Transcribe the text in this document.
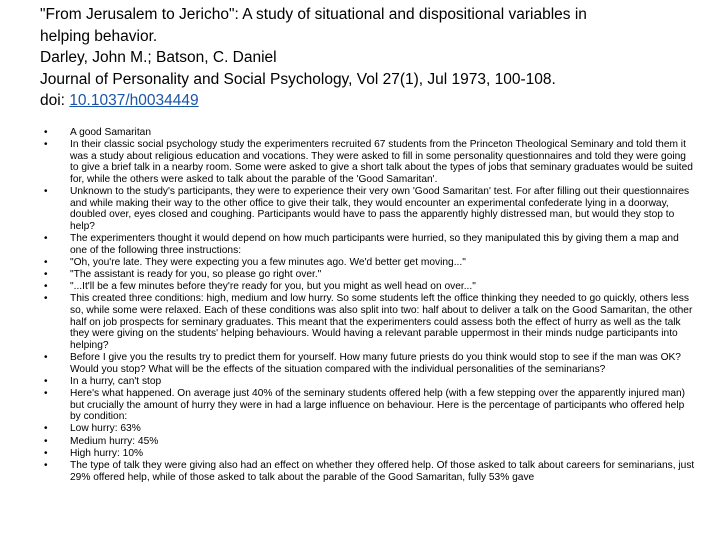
"From Jerusalem to Jericho": A study of situational and dispositional variables in
helping behavior.
Darley, John M.; Batson, C. Daniel
Journal of Personality and Social Psychology, Vol 27(1), Jul 1973, 100-108.
doi: 10.1037/h0034449
• A good Samaritan
• In their classic social psychology study the experimenters recruited 67 students from the Princeton Theological Seminary and told them it was a study about religious education and vocations. They were asked to fill in some personality questionnaires and told they were going to give a brief talk in a nearby room. Some were asked to give a short talk about the types of jobs that seminary graduates would be suited for, while the others were asked to talk about the parable of the 'Good Samaritan'.
• Unknown to the study's participants, they were to experience their very own 'Good Samaritan' test. For after filling out their questionnaires and while making their way to the other office to give their talk, they would encounter an experimental confederate lying in a doorway, doubled over, eyes closed and coughing. Participants would have to pass the apparently highly distressed man, but would they stop to help?
• The experimenters thought it would depend on how much participants were hurried, so they manipulated this by giving them a map and one of the following three instructions:
• "Oh, you're late. They were expecting you a few minutes ago. We'd better get moving..."
• "The assistant is ready for you, so please go right over."
• "...It'll be a few minutes before they're ready for you, but you might as well head on over..."
• This created three conditions: high, medium and low hurry. So some students left the office thinking they needed to go quickly, others less so, while some were relaxed. Each of these conditions was also split into two: half about to deliver a talk on the Good Samaritan, the other half on job prospects for seminary graduates. This meant that the experimenters could assess both the effect of hurry as well as the talk they were giving on the students' helping behaviours. Would having a relevant parable uppermost in their minds nudge participants into helping?
• Before I give you the results try to predict them for yourself. How many future priests do you think would stop to see if the man was OK? Would you stop? What will be the effects of the situation compared with the individual personalities of the seminarians?
• In a hurry, can't stop
• Here's what happened. On average just 40% of the seminary students offered help (with a few stepping over the apparently injured man) but crucially the amount of hurry they were in had a large influence on behaviour. Here is the percentage of participants who offered help by condition:
• Low hurry: 63%
• Medium hurry: 45%
• High hurry: 10%
• The type of talk they were giving also had an effect on whether they offered help. Of those asked to talk about careers for seminarians, just 29% offered help, while of those asked to talk about the parable of the Good Samaritan, fully 53% gave
